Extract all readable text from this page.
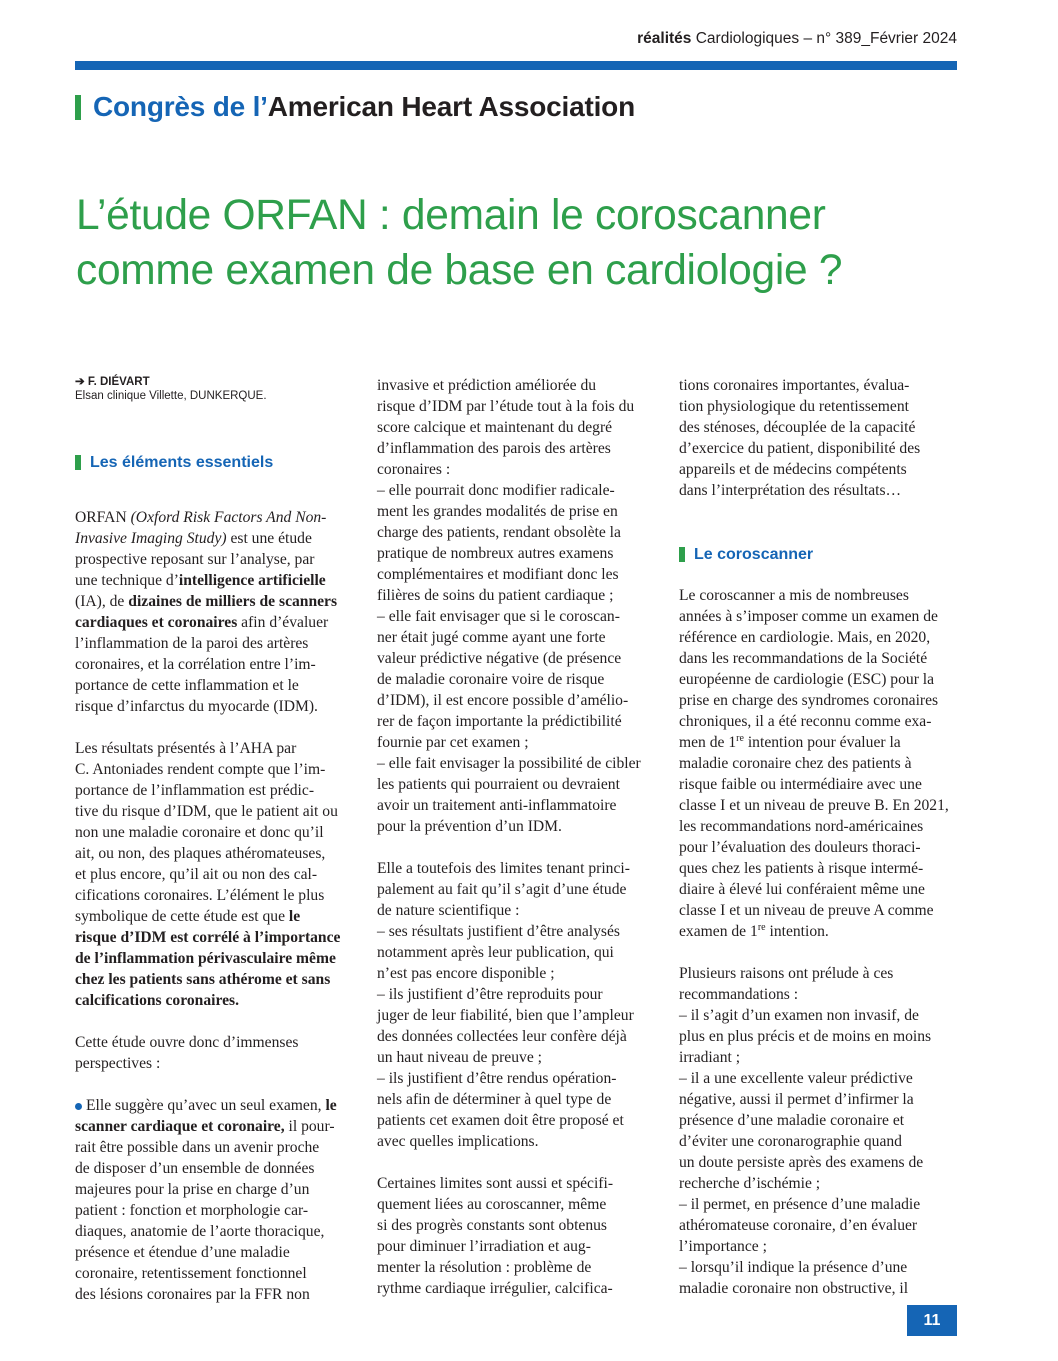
réalités Cardiologiques – n° 389_Février 2024
Congrès de l’ American Heart Association
L’étude ORFAN : demain le coroscanner
comme examen de base en cardiologie ?

➔ F. DIÉVART
Elsan clinique Villette, DUNKERQUE.

Les éléments essentiels

ORFAN (Oxford Risk Factors And Non-
Invasive Imaging Study) est une étude
prospective reposant sur l’analyse, par
une technique d’intelligence artificielle
(IA), de dizaines de milliers de scanners
cardiaques et coronaires afin d’évaluer
l’inflammation de la paroi des artères
coronaires, et la corrélation entre l’im-
portance de cette inflammation et le
risque d’infarctus du myocarde (IDM).

Les résultats présentés à l’AHA par
C. Antoniades rendent compte que l’im-
portance de l’inflammation est prédic-
tive du risque d’IDM, que le patient ait ou
non une maladie coronaire et donc qu’il
ait, ou non, des plaques athéromateuses,
et plus encore, qu’il ait ou non des cal-
cifications coronaires. L’élément le plus
symbolique de cette étude est que le
risque d’IDM est corrélé à l’importance
de l’inflammation périvasculaire même
chez les patients sans athérome et sans
calcifications coronaires.

Cette étude ouvre donc d’immenses
perspectives :

Elle suggère qu’avec un seul examen, le
scanner cardiaque et coronaire, il pour-
rait être possible dans un avenir proche
de disposer d’un ensemble de données
majeures pour la prise en charge d’un
patient : fonction et morphologie car-
diaques, anatomie de l’aorte thoracique,
présence et étendue d’une maladie
coronaire, retentissement fonctionnel
des lésions coronaires par la FFR non

invasive et prédiction améliorée du
risque d’IDM par l’étude tout à la fois du
score calcique et maintenant du degré
d’inflammation des parois des artères
coronaires :
– elle pourrait donc modifier radicale-
ment les grandes modalités de prise en
charge des patients, rendant obsolète la
pratique de nombreux autres examens
complémentaires et modifiant donc les
filières de soins du patient cardiaque ;
– elle fait envisager que si le coroscan-
ner était jugé comme ayant une forte
valeur prédictive négative (de présence
de maladie coronaire voire de risque
d’IDM), il est encore possible d’amélio-
rer de façon importante la prédictibilité
fournie par cet examen ;
– elle fait envisager la possibilité de cibler
les patients qui pourraient ou devraient
avoir un traitement anti-inflammatoire
pour la prévention d’un IDM.

Elle a toutefois des limites tenant princi-
palement au fait qu’il s’agit d’une étude
de nature scientifique :
– ses résultats justifient d’être analysés
notamment après leur publication, qui
n’est pas encore disponible ;
– ils justifient d’être reproduits pour
juger de leur fiabilité, bien que l’ampleur
des données collectées leur confère déjà
un haut niveau de preuve ;
– ils justifient d’être rendus opération-
nels afin de déterminer à quel type de
patients cet examen doit être proposé et
avec quelles implications.

Certaines limites sont aussi et spécifi-
quement liées au coroscanner, même
si des progrès constants sont obtenus
pour diminuer l’irradiation et aug-
menter la résolution : problème de
rythme cardiaque irrégulier, calcifica-

tions coronaires importantes, évalua-
tion physiologique du retentissement
des sténoses, découplée de la capacité
d’exercice du patient, disponibilité des
appareils et de médecins compétents
dans l’interprétation des résultats…

Le coroscanner

Le coroscanner a mis de nombreuses
années à s’imposer comme un examen de
référence en cardiologie. Mais, en 2020,
dans les recommandations de la Société
européenne de cardiologie (ESC) pour la
prise en charge des syndromes coronaires
chroniques, il a été reconnu comme exa-
men de 1re intention pour évaluer la
maladie coronaire chez des patients à
risque faible ou intermédiaire avec une
classe I et un niveau de preuve B. En 2021,
les recommandations nord-américaines
pour l’évaluation des douleurs thoraci-
ques chez les patients à risque intermé-
diaire à élevé lui conféraient même une
classe I et un niveau de preuve A comme
examen de 1re intention.

Plusieurs raisons ont prélude à ces
recommandations :
– il s’agit d’un examen non invasif, de
plus en plus précis et de moins en moins
irradiant ;
– il a une excellente valeur prédictive
négative, aussi il permet d’infirmer la
présence d’une maladie coronaire et
d’éviter une coronarographie quand
un doute persiste après des examens de
recherche d’ischémie ;
– il permet, en présence d’une maladie
athéromateuse coronaire, d’en évaluer
l’importance ;
– lorsqu’il indique la présence d’une
maladie coronaire non obstructive, il

11
